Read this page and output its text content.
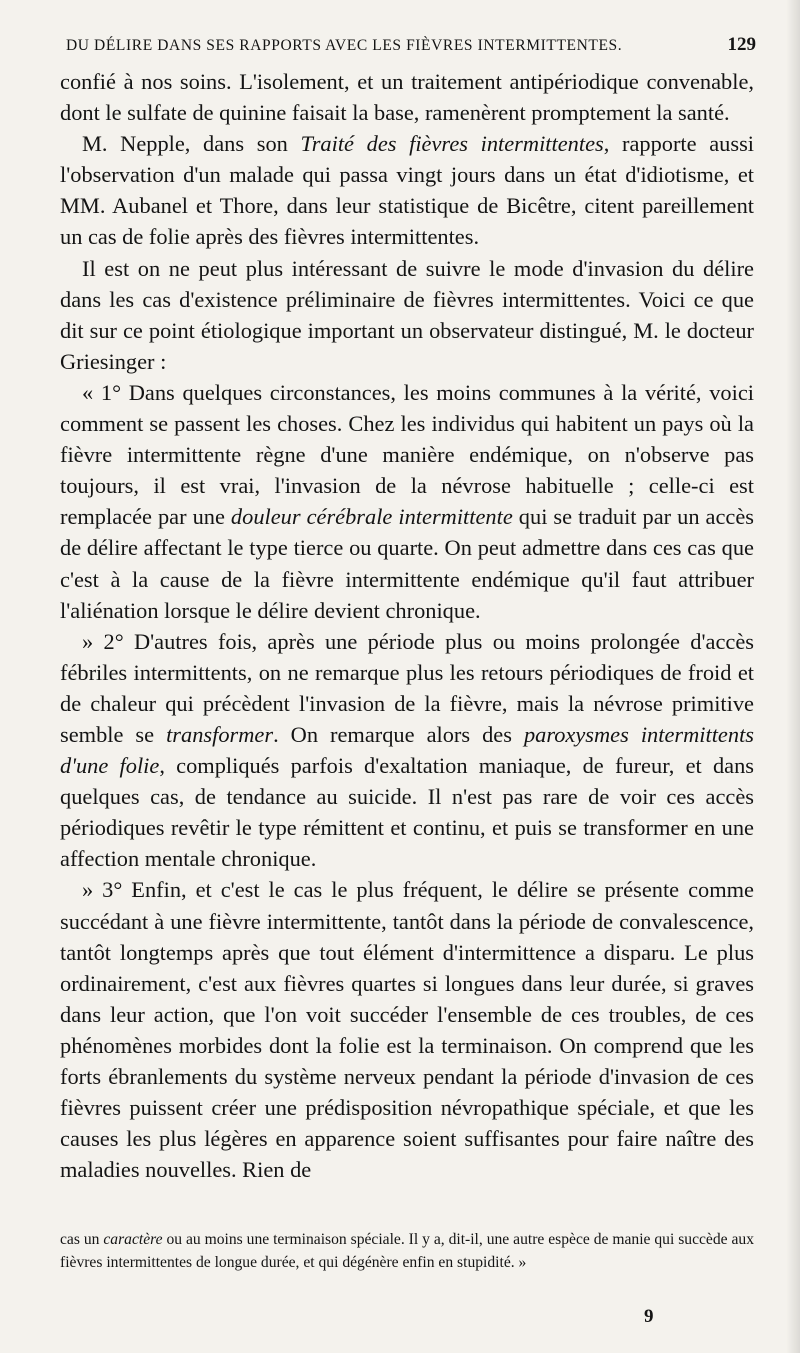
DU DÉLIRE DANS SES RAPPORTS AVEC LES FIÈVRES INTERMITTENTES.	129

confié à nos soins. L'isolement, et un traitement antipériodique convenable, dont le sulfate de quinine faisait la base, ramenèrent promptement la santé.

M. Nepple, dans son Traité des fièvres intermittentes, rapporte aussi l'observation d'un malade qui passa vingt jours dans un état d'idiotisme, et MM. Aubanel et Thore, dans leur statistique de Bicêtre, citent pareillement un cas de folie après des fièvres intermittentes.

Il est on ne peut plus intéressant de suivre le mode d'invasion du délire dans les cas d'existence préliminaire de fièvres intermittentes. Voici ce que dit sur ce point étiologique important un observateur distingué, M. le docteur Griesinger :

« 1° Dans quelques circonstances, les moins communes à la vérité, voici comment se passent les choses. Chez les individus qui habitent un pays où la fièvre intermittente règne d'une manière endémique, on n'observe pas toujours, il est vrai, l'invasion de la névrose habituelle ; celle-ci est remplacée par une douleur cérébrale intermittente qui se traduit par un accès de délire affectant le type tierce ou quarte. On peut admettre dans ces cas que c'est à la cause de la fièvre intermittente endémique qu'il faut attribuer l'aliénation lorsque le délire devient chronique.

» 2° D'autres fois, après une période plus ou moins prolongée d'accès fébriles intermittents, on ne remarque plus les retours périodiques de froid et de chaleur qui précèdent l'invasion de la fièvre, mais la névrose primitive semble se transformer. On remarque alors des paroxysmes intermittents d'une folie, compliqués parfois d'exaltation maniaque, de fureur, et dans quelques cas, de tendance au suicide. Il n'est pas rare de voir ces accès périodiques revêtir le type rémittent et continu, et puis se transformer en une affection mentale chronique.

» 3° Enfin, et c'est le cas le plus fréquent, le délire se présente comme succédant à une fièvre intermittente, tantôt dans la période de convalescence, tantôt longtemps après que tout élément d'intermittence a disparu. Le plus ordinairement, c'est aux fièvres quartes si longues dans leur durée, si graves dans leur action, que l'on voit succéder l'ensemble de ces troubles, de ces phénomènes morbides dont la folie est la terminaison. On comprend que les forts ébranlements du système nerveux pendant la période d'invasion de ces fièvres puissent créer une prédisposition névropathique spéciale, et que les causes les plus légères en apparence soient suffisantes pour faire naître des maladies nouvelles. Rien de

cas un caractère ou au moins une terminaison spéciale. Il y a, dit-il, une autre espèce de manie qui succède aux fièvres intermittentes de longue durée, et qui dégénère enfin en stupidité. »
9
